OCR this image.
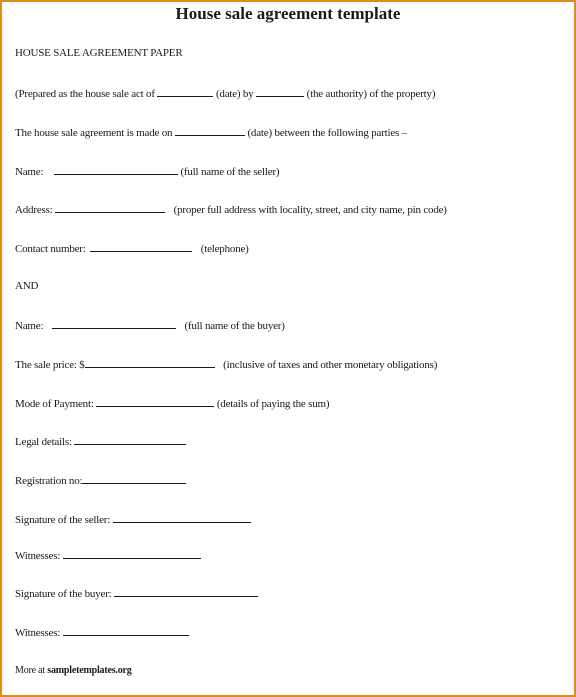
House sale agreement template
HOUSE SALE AGREEMENT PAPER
(Prepared as the house sale act of	(date) by	(the authority) of the property)
The house sale agreement is made on	(date) between the following parties –
Name:	(full name of the seller)
Address:	(proper full address with locality, street, and city name, pin code)
Contact number:	(telephone)
AND
Name:	(full name of the buyer)
The sale price: $	(inclusive of taxes and other monetary obligations)
Mode of Payment:	(details of paying the sum)
Legal details:
Registration no:
Signature of the seller:
Witnesses:
Signature of the buyer:
Witnesses:
More at sampletemplates.org
